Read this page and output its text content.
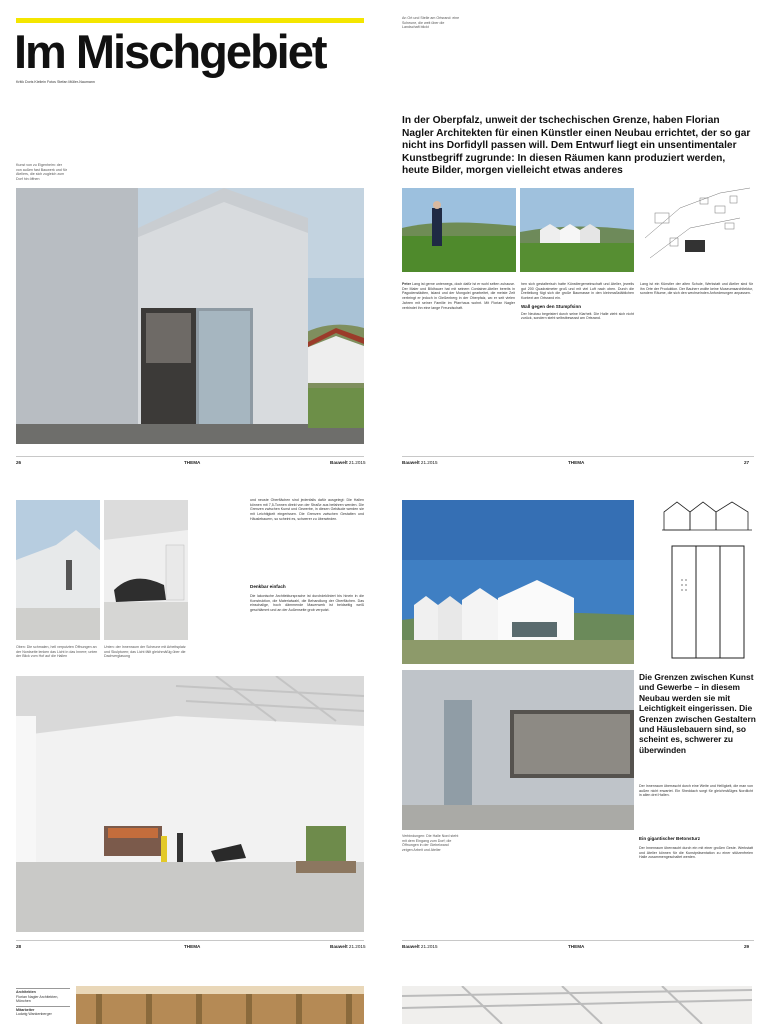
Im Mischgebiet
Kritik Doris Kleilein Fotos Stefan Müller-Naumann
Kunst von zu Eigenheim: der von außen fast Bauwerk und für Ateliers, die sich zugleich zum Dorf hin öffnen
26	THEMA	Bauwelt 21.2015
An Ort und Stelle am Ortsrand: eine Scheune, die weit über die Landschaft blickt
In der Oberpfalz, unweit der tschechischen Grenze, haben Florian Nagler Architekten für einen Künstler einen Neubau errichtet, der so gar nicht ins Dorfidyll passen will. Dem Entwurf liegt ein unsentimentaler Kunstbegriff zugrunde: In diesen Räumen kann produziert werden, heute Bilder, morgen vielleicht etwas anderes
Peter Lang ist gerne unterwegs, doch dafür ist er wohl selten zuhause. Der Maler und Bildhauer hat mit seinem Container-Atelier bereits in Pagodenstädten, Island und der Mongolei gearbeitet, die meiste Zeit verbringt er jedoch in Gießenberg in der Oberpfalz, wo er seit vielen Jahren mit seiner Familie im Pfarrhaus wohnt. Mit Florian Nagler verbindet ihn eine lange Freundschaft.
hen sich gestalterisch hatte Künstlergemeinschaft und Atelier, jeweils gut 200 Quadratmeter groß und mit viel Luft nach oben. Durch die Dreiteilung fügt sich die große Baumasse in den kleinmaßstäblichen Kontext am Ortsrand ein.
Wall gegen den Stumpfsinn
Der Neubau begeistert durch seine Klarheit. Die Halle zieht sich nicht zurück, sondern steht selbstbewusst am Ortsrand.
Lang ist ein Künstler der alten Schule, Werkstatt und Atelier sind für ihn Orte der Produktion. Der Bauherr wollte keine Museumsarchitektur, sondern Räume, die sich den wechselnden Anforderungen anpassen.
Bauwelt 21.2015	THEMA	27
Oben: Die schmalen, hell verputzten Öffnungen an der Nordseite lenken das Licht in das Innere; unten der Blick vom Hof auf die Hallen
Unten: der Innenraum der Scheune mit Arbeitsplatz und Skulpturen; das Licht fällt gleichmäßig über die Dachverglasung
und neuste Oberflächen sind jedenfalls dafür ausgelegt: Die Hallen können mit 7,5-Tonnen direkt von der Straße aus befahren werden. Die Grenzen zwischen Kunst und Gewerbe, in diesen Gebäude werden sie mit Leichtigkeit eingerissen. Die Grenzen zwischen Gestalten und Häuslebauern, so scheint es, schwerer zu überwinden.
Denkbar einfach
Die lakonische Architektursprache ist durchdekliniert bis hinein in die Konstruktion, die Materialwahl, die Behandlung der Oberflächen. Das einschalige, hoch dämmende Mauerwerk ist beidseitig weiß geschlämmt und an der Außenseite grob verputzt.
28	THEMA	Bauwelt 21.2015
Die Grenzen zwischen Kunst und Gewerbe – in diesem Neubau werden sie mit Leichtigkeit eingerissen. Die Grenzen zwischen Gestaltern und Häuslebauern sind, so scheint es, schwerer zu überwinden
Verbindungen: Die Halle Nord steht mit dem Eingang zum Dorf; die Öffnungen in der Giebelwand zeigen Arbeit und Atelier
Der Innenraum überrascht durch eine Weite und Helligkeit, die man von außen nicht erwartet. Ein Sheddach sorgt für gleichmäßiges Nordlicht in allen drei Hallen.
Ein gigantischer Betonsturz
Der Innenraum überrascht durch ein mit einer großen Geste. Werkstatt und Atelier können für die Kunstpräsentation zu einer stützenfreien Halle zusammengeschaltet werden.
Bauwelt 21.2015	THEMA	29
Architekten
Florian Nagler Architekten, München
Mitarbeiter
Ludwig Wankenberger
